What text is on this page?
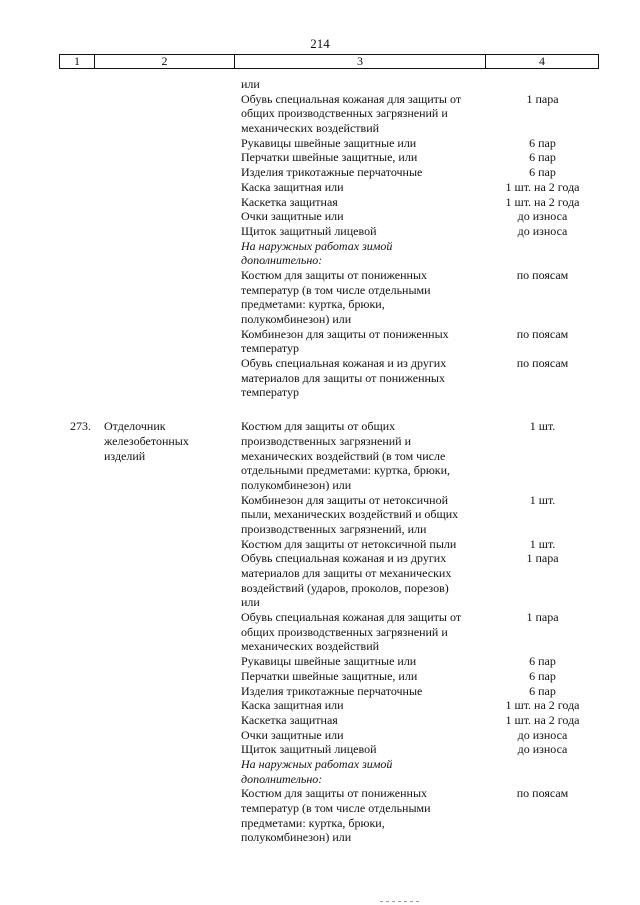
214
1	2	3	4
или
Обувь специальная кожаная для защиты от	1 пара
общих производственных загрязнений и
механических воздействий
Рукавицы швейные защитные или	6 пар
Перчатки швейные защитные, или	6 пар
Изделия трикотажные перчаточные	6 пар
Каска защитная или	1 шт. на 2 года
Каскетка защитная	1 шт. на 2 года
Очки защитные или	до износа
Щиток защитный лицевой	до износа
На наружных работах зимой
дополнительно:
Костюм для защиты от пониженных	по поясам
температур (в том числе отдельными
предметами: куртка, брюки,
полукомбинезон) или
Комбинезон для защиты от пониженных	по поясам
температур
Обувь специальная кожаная и из других	по поясам
материалов для защиты от пониженных
температур
273. Отделочник	Костюм для защиты от общих	1 шт.
железобетонных	производственных загрязнений и
изделий	механических воздействий (в том числе
отдельными предметами: куртка, брюки,
полукомбинезон) или
Комбинезон для защиты от нетоксичной	1 шт.
пыли, механических воздействий и общих
производственных загрязнений, или
Костюм для защиты от нетоксичной пыли	1 шт.
Обувь специальная кожаная и из других	1 пара
материалов для защиты от механических
воздействий (ударов, проколов, порезов)
или
Обувь специальная кожаная для защиты от	1 пара
общих производственных загрязнений и
механических воздействий
Рукавицы швейные защитные или	6 пар
Перчатки швейные защитные, или	6 пар
Изделия трикотажные перчаточные	6 пар
Каска защитная или	1 шт. на 2 года
Каскетка защитная	1 шт. на 2 года
Очки защитные или	до износа
Щиток защитный лицевой	до износа
На наружных работах зимой
дополнительно:
Костюм для защиты от пониженных	по поясам
температур (в том числе отдельными
предметами: куртка, брюки,
полукомбинезон) или
